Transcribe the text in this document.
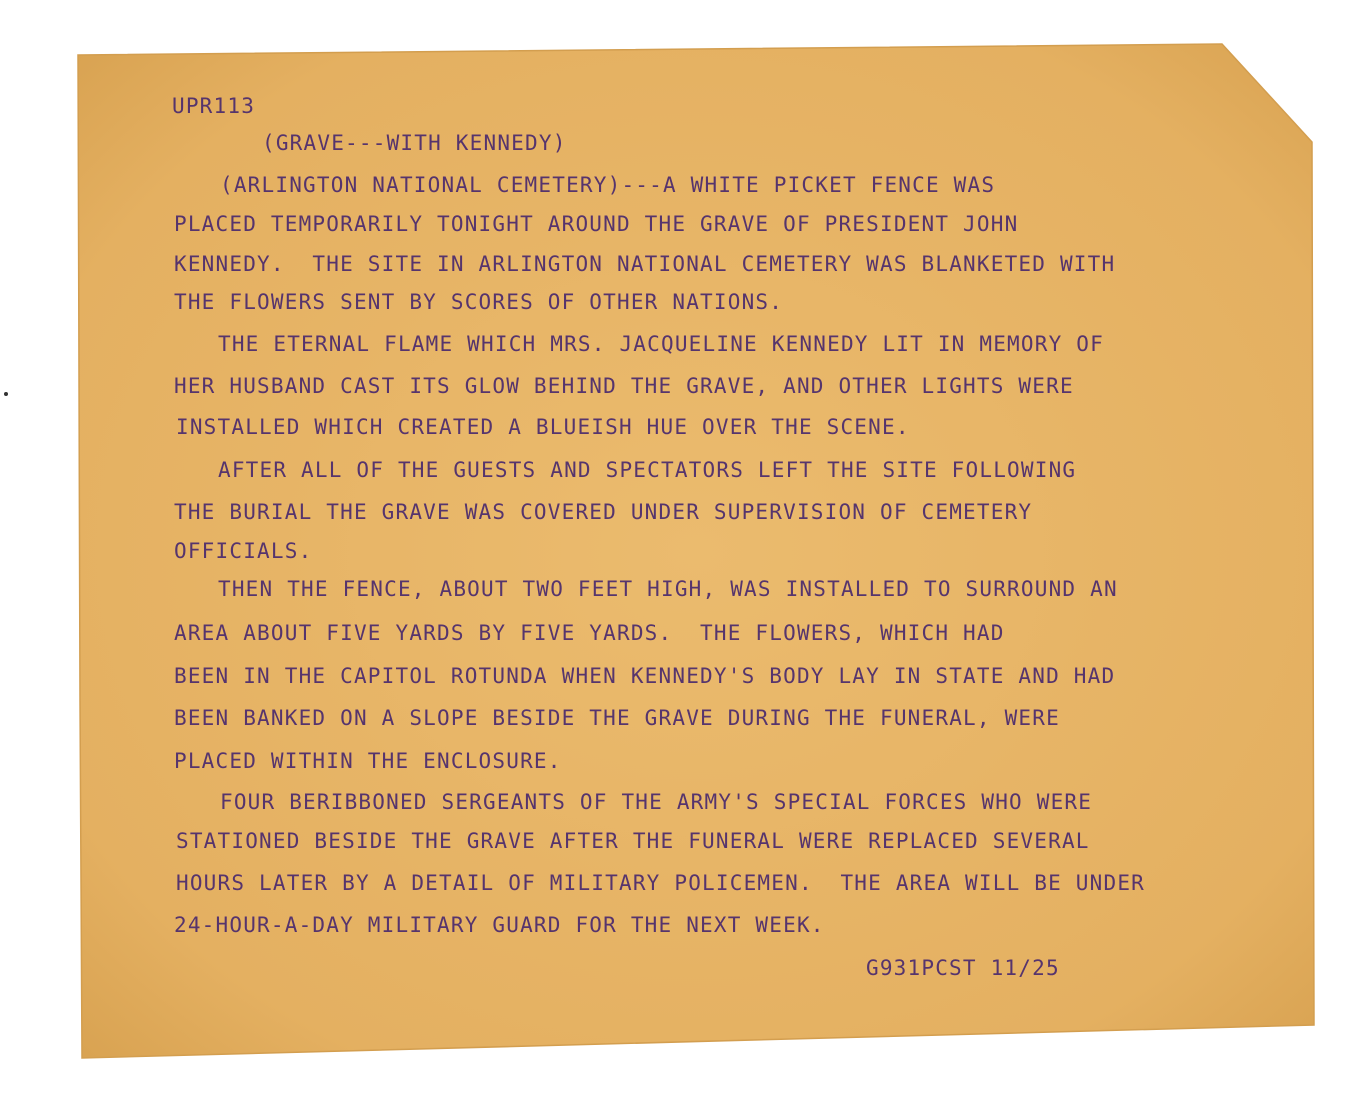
UPR113
(GRAVE---WITH KENNEDY)
(ARLINGTON NATIONAL CEMETERY)---A WHITE PICKET FENCE WAS
PLACED TEMPORARILY TONIGHT AROUND THE GRAVE OF PRESIDENT JOHN
KENNEDY.  THE SITE IN ARLINGTON NATIONAL CEMETERY WAS BLANKETED WITH
THE FLOWERS SENT BY SCORES OF OTHER NATIONS.
THE ETERNAL FLAME WHICH MRS. JACQUELINE KENNEDY LIT IN MEMORY OF
HER HUSBAND CAST ITS GLOW BEHIND THE GRAVE, AND OTHER LIGHTS WERE
INSTALLED WHICH CREATED A BLUEISH HUE OVER THE SCENE.
AFTER ALL OF THE GUESTS AND SPECTATORS LEFT THE SITE FOLLOWING
THE BURIAL THE GRAVE WAS COVERED UNDER SUPERVISION OF CEMETERY
OFFICIALS.
THEN THE FENCE, ABOUT TWO FEET HIGH, WAS INSTALLED TO SURROUND AN
AREA ABOUT FIVE YARDS BY FIVE YARDS.  THE FLOWERS, WHICH HAD
BEEN IN THE CAPITOL ROTUNDA WHEN KENNEDY'S BODY LAY IN STATE AND HAD
BEEN BANKED ON A SLOPE BESIDE THE GRAVE DURING THE FUNERAL, WERE
PLACED WITHIN THE ENCLOSURE.
FOUR BERIBBONED SERGEANTS OF THE ARMY'S SPECIAL FORCES WHO WERE
STATIONED BESIDE THE GRAVE AFTER THE FUNERAL WERE REPLACED SEVERAL
HOURS LATER BY A DETAIL OF MILITARY POLICEMEN.  THE AREA WILL BE UNDER
24-HOUR-A-DAY MILITARY GUARD FOR THE NEXT WEEK.
G931PCST 11/25
